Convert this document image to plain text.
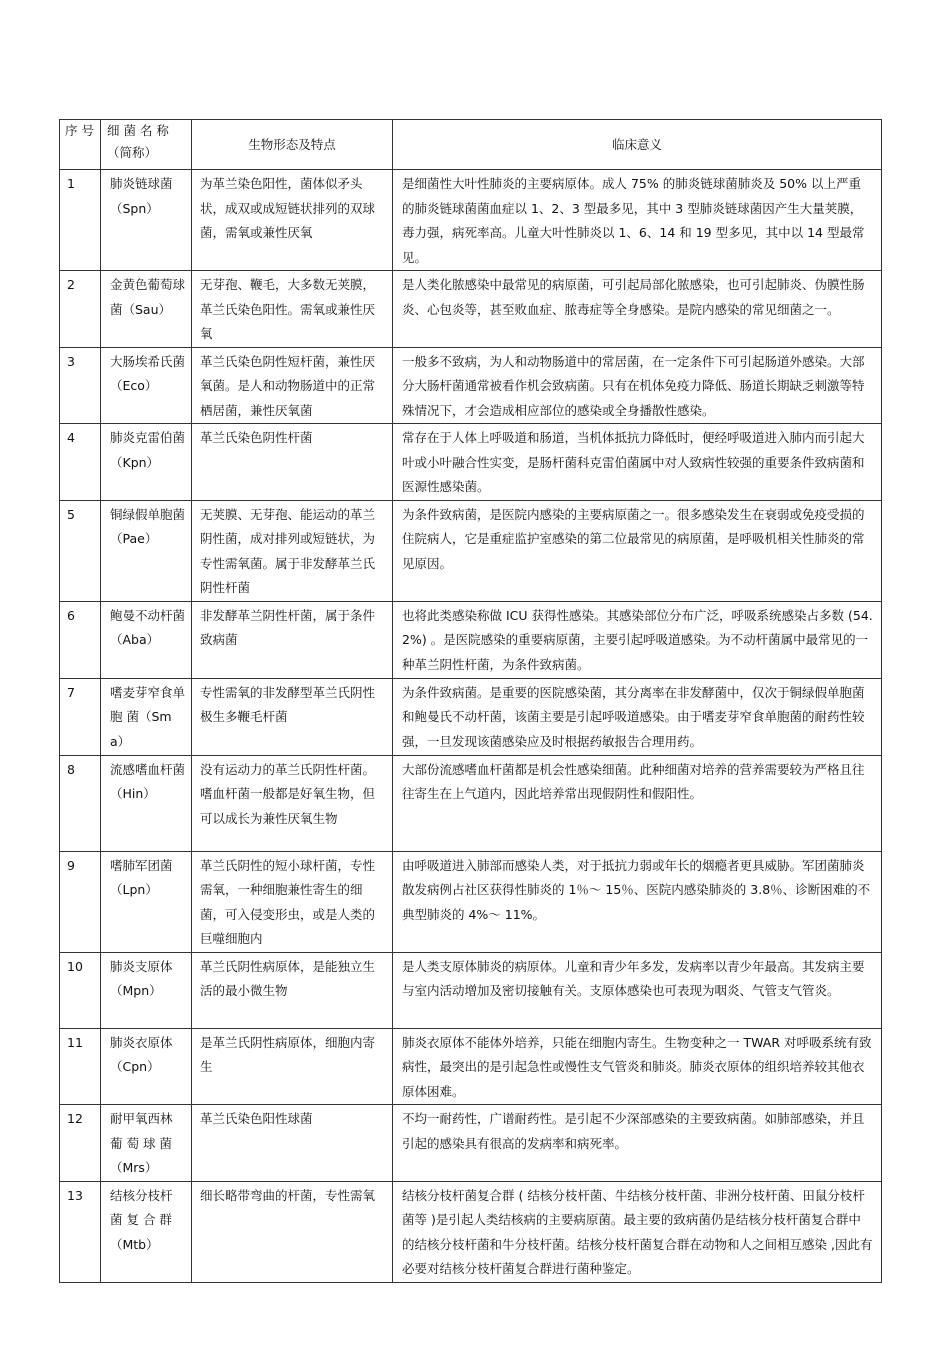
序 号	细 菌 名 称 （简称）	生物形态及特点	临床意义
1	肺炎链球菌（Spn）	为革兰染色阳性，菌体似矛头状，成双或成短链状排列的双球菌，需氧或兼性厌氧	是细菌性大叶性肺炎的主要病原体。成人 75% 的肺炎链球菌肺炎及 50% 以上严重的肺炎链球菌菌血症以 1、2、3 型最多见，其中 3 型肺炎链球菌因产生大量荚膜，毒力强，病死率高。儿童大叶性肺炎以 1、6、14 和 19 型多见，其中以 14 型最常见。
2	金黄色葡萄球菌（Sau）	无芽孢、鞭毛，大多数无荚膜，革兰氏染色阳性。需氧或兼性厌氧	是人类化脓感染中最常见的病原菌，可引起局部化脓感染，也可引起肺炎、伪膜性肠炎、心包炎等，甚至败血症、脓毒症等全身感染。是院内感染的常见细菌之一。
3	大肠埃希氏菌（Eco）	革兰氏染色阴性短杆菌，兼性厌氧菌。是人和动物肠道中的正常栖居菌，兼性厌氧菌	一般多不致病，为人和动物肠道中的常居菌，在一定条件下可引起肠道外感染。大部分大肠杆菌通常被看作机会致病菌。只有在机体免疫力降低、肠道长期缺乏刺激等特殊情况下，才会造成相应部位的感染或全身播散性感染。
4	肺炎克雷伯菌（Kpn）	革兰氏染色阴性杆菌	常存在于人体上呼吸道和肠道，当机体抵抗力降低时，便经呼吸道进入肺内而引起大叶或小叶融合性实变，是肠杆菌科克雷伯菌属中对人致病性较强的重要条件致病菌和医源性感染菌。
5	铜绿假单胞菌（Pae）	无荚膜、无芽孢、能运动的革兰阴性菌，成对排列或短链状，为专性需氧菌。属于非发酵革兰氏阴性杆菌	为条件致病菌，是医院内感染的主要病原菌之一。很多感染发生在衰弱或免疫受损的住院病人，它是重症监护室感染的第二位最常见的病原菌，是呼吸机相关性肺炎的常见原因。
6	鲍曼不动杆菌（Aba）	非发酵革兰阴性杆菌，属于条件致病菌	也将此类感染称做 ICU 获得性感染。其感染部位分布广泛，呼吸系统感染占多数 (54.2%) 。是医院感染的重要病原菌，主要引起呼吸道感染。为不动杆菌属中最常见的一种革兰阴性杆菌，为条件致病菌。
7	嗜麦芽窄食单 胞 菌（Sma）	专性需氧的非发酵型革兰氏阴性极生多鞭毛杆菌	为条件致病菌。是重要的医院感染菌，其分离率在非发酵菌中，仅次于铜绿假单胞菌和鲍曼氏不动杆菌，该菌主要是引起呼吸道感染。由于嗜麦芽窄食单胞菌的耐药性较强，一旦发现该菌感染应及时根据药敏报告合理用药。
8	流感嗜血杆菌（Hin）	没有运动力的革兰氏阴性杆菌。嗜血杆菌一般都是好氧生物，但可以成长为兼性厌氧生物	大部份流感嗜血杆菌都是机会性感染细菌。此种细菌对培养的营养需要较为严格且往往寄生在上气道内，因此培养常出现假阴性和假阳性。
9	嗜肺军团菌（Lpn）	革兰氏阴性的短小球杆菌，专性需氧，一种细胞兼性寄生的细菌，可入侵变形虫，或是人类的巨噬细胞内	由呼吸道进入肺部而感染人类，对于抵抗力弱或年长的烟瘾者更具威胁。军团菌肺炎散发病例占社区获得性肺炎的 1％～ 15％、医院内感染肺炎的 3.8％、诊断困难的不典型肺炎的 4%～ 11%。
10	肺炎支原体（Mpn）	革兰氏阴性病原体，是能独立生活的最小微生物	是人类支原体肺炎的病原体。儿童和青少年多发，发病率以青少年最高。其发病主要与室内活动增加及密切接触有关。支原体感染也可表现为咽炎、气管支气管炎。
11	肺炎衣原体（Cpn）	是革兰氏阴性病原体，细胞内寄生	肺炎衣原体不能体外培养，只能在细胞内寄生。生物变种之一 TWAR 对呼吸系统有致病性，最突出的是引起急性或慢性支气管炎和肺炎。肺炎衣原体的组织培养较其他衣原体困难。
12	耐甲氧西林 葡 萄 球 菌（Mrs）	革兰氏染色阳性球菌	不均一耐药性，广谱耐药性。是引起不少深部感染的主要致病菌。如肺部感染，并且引起的感染具有很高的发病率和病死率。
13	结核分枝杆 菌 复 合 群（Mtb）	细长略带弯曲的杆菌，专性需氧	结核分枝杆菌复合群 ( 结核分枝杆菌、牛结核分枝杆菌、非洲分枝杆菌、田鼠分枝杆菌等 )是引起人类结核病的主要病原菌。最主要的致病菌仍是结核分枝杆菌复合群中的结核分枝杆菌和牛分枝杆菌。结核分枝杆菌复合群在动物和人之间相互感染 ,因此有必要对结核分枝杆菌复合群进行菌种鉴定。
